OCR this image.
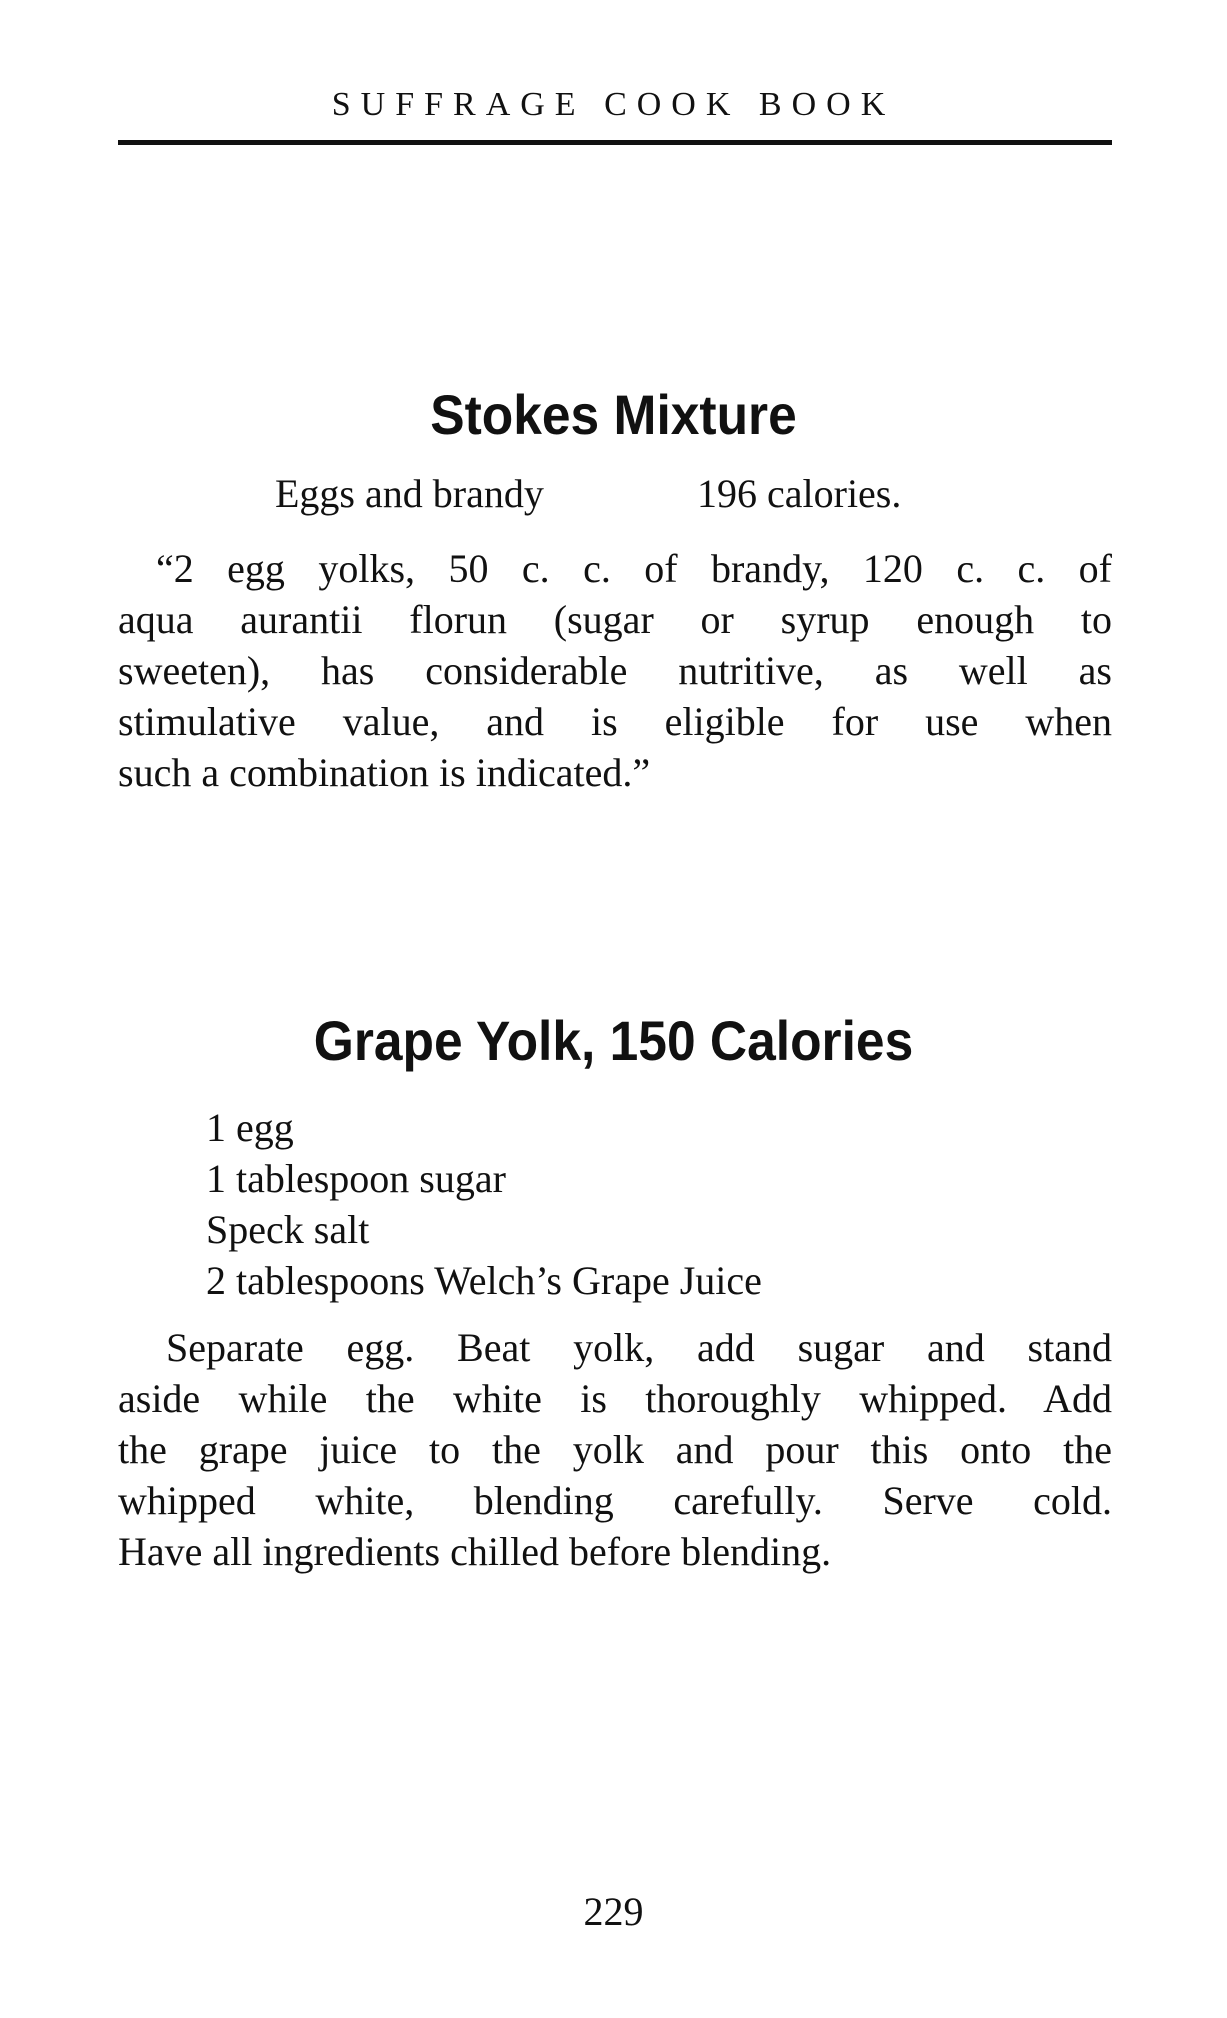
SUFFRAGE COOK BOOK
Stokes Mixture
Eggs and brandy	196 calories.
“2 egg yolks, 50 c. c. of brandy, 120 c. c. of
aqua aurantii florun (sugar or syrup enough to
sweeten), has considerable nutritive, as well as
stimulative value, and is eligible for use when
such a combination is indicated.”
Grape Yolk, 150 Calories
1 egg
1 tablespoon sugar
Speck salt
2 tablespoons Welch’s Grape Juice
Separate egg. Beat yolk, add sugar and stand
aside while the white is thoroughly whipped. Add
the grape juice to the yolk and pour this onto the
whipped white, blending carefully. Serve cold.
Have all ingredients chilled before blending.
229
